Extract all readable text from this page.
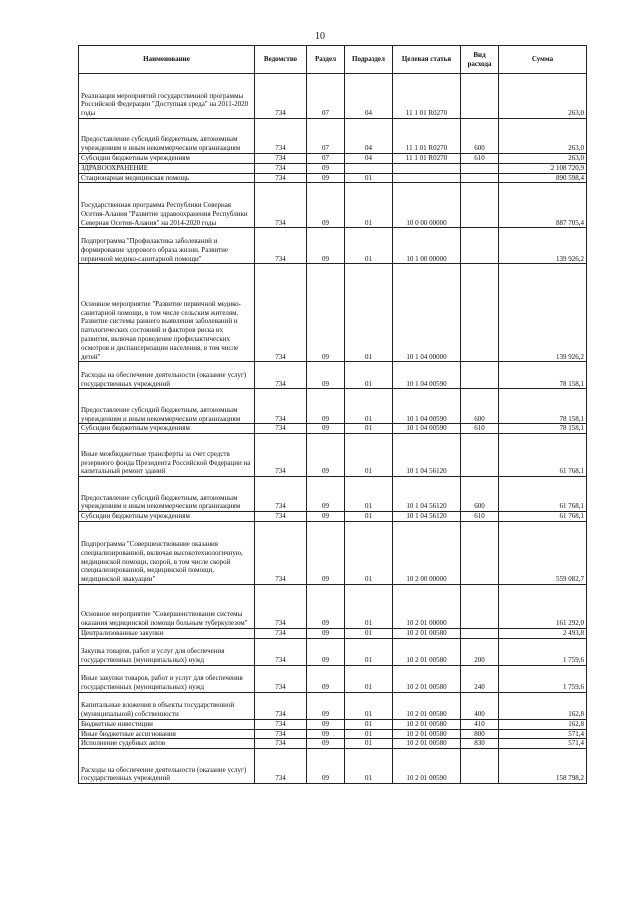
10
Наименование	Ведомство	Раздел	Подраздел	Целевая статья	Вид расхода	Сумма
Реализация мероприятий государственной программы Российской Федерации "Доступная среда" на 2011-2020 годы	734	07	04	11 1 01 R0270		263,0
Предоставление субсидий бюджетным, автономным учреждениям и иным некоммерческим организациям	734	07	04	11 1 01 R0270	600	263,0
Субсидии бюджетным учреждениям	734	07	04	11 1 01 R0270	610	263,0
ЗДРАВООХРАНЕНИЕ	734	09				2 108 720,9
Стационарная медицинская помощь	734	09	01			890 598,4
Государственная программа Республики Северная Осетия-Алания "Развитие здравоохранения Республики Северная Осетия-Алания" на 2014-2020 годы	734	09	01	10 0 00 00000		887 705,4
Подпрограмма "Профилактика заболеваний и формирование здорового образа жизни. Развитие первичной медико-санитарной помощи"	734	09	01	10 1 00 00000		139 926,2
Основное мероприятие "Развитие первичной медико-санитарной помощи, в том числе сельским жителям. Развитие системы раннего выявления заболеваний и патологических состояний и факторов риска их развития, включая проведение профилактических осмотров и диспансеризации населения, в том числе детей"	734	09	01	10 1 04 00000		139 926,2
Расходы на обеспечение деятельности (оказание услуг) государственных учреждений	734	09	01	10 1 04 00590		78 158,1
Предоставление субсидий бюджетным, автономным учреждениям и иным некоммерческим организациям	734	09	01	10 1 04 00590	600	78 158,1
Субсидии бюджетным учреждениям	734	09	01	10 1 04 00590	610	78 158,1
Иные межбюджетные трансферты за счет средств резервного фонда Президента Российской Федерации на капитальный ремонт зданий	734	09	01	10 1 04 56120		61 768,1
Предоставление субсидий бюджетным, автономным учреждениям и иным некоммерческим организациям	734	09	01	10 1 04 56120	600	61 768,1
Субсидии бюджетным учреждениям	734	09	01	10 1 04 56120	610	61 768,1
Подпрограмма "Совершенствование оказания специализированной, включая высокотехнологичную, медицинской помощи, скорой, в том числе скорой специализированной, медицинской помощи, медицинской эвакуации"	734	09	01	10 2 00 00000		559 082,7
Основное мероприятие "Совершенствование системы оказания медицинской помощи больным туберкулезом"	734	09	01	10 2 01 00000		161 292,0
Централизованные закупки	734	09	01	10 2 01 00580		2 493,8
Закупка товаров, работ и услуг для обеспечения государственных (муниципальных) нужд	734	09	01	10 2 01 00580	200	1 759,6
Иные закупки товаров, работ и услуг для обеспечения государственных (муниципальных) нужд	734	09	01	10 2 01 00580	240	1 759,6
Капитальные вложения в объекты государственной (муниципальной) собственности	734	09	01	10 2 01 00580	400	162,8
Бюджетные инвестиции	734	09	01	10 2 01 00580	410	162,8
Иные бюджетные ассигнования	734	09	01	10 2 01 00580	800	571,4
Исполнение судебных актов	734	09	01	10 2 01 00580	830	571,4
Расходы на обеспечение деятельности (оказание услуг) государственных учреждений	734	09	01	10 2 01 00590		158 798,2
